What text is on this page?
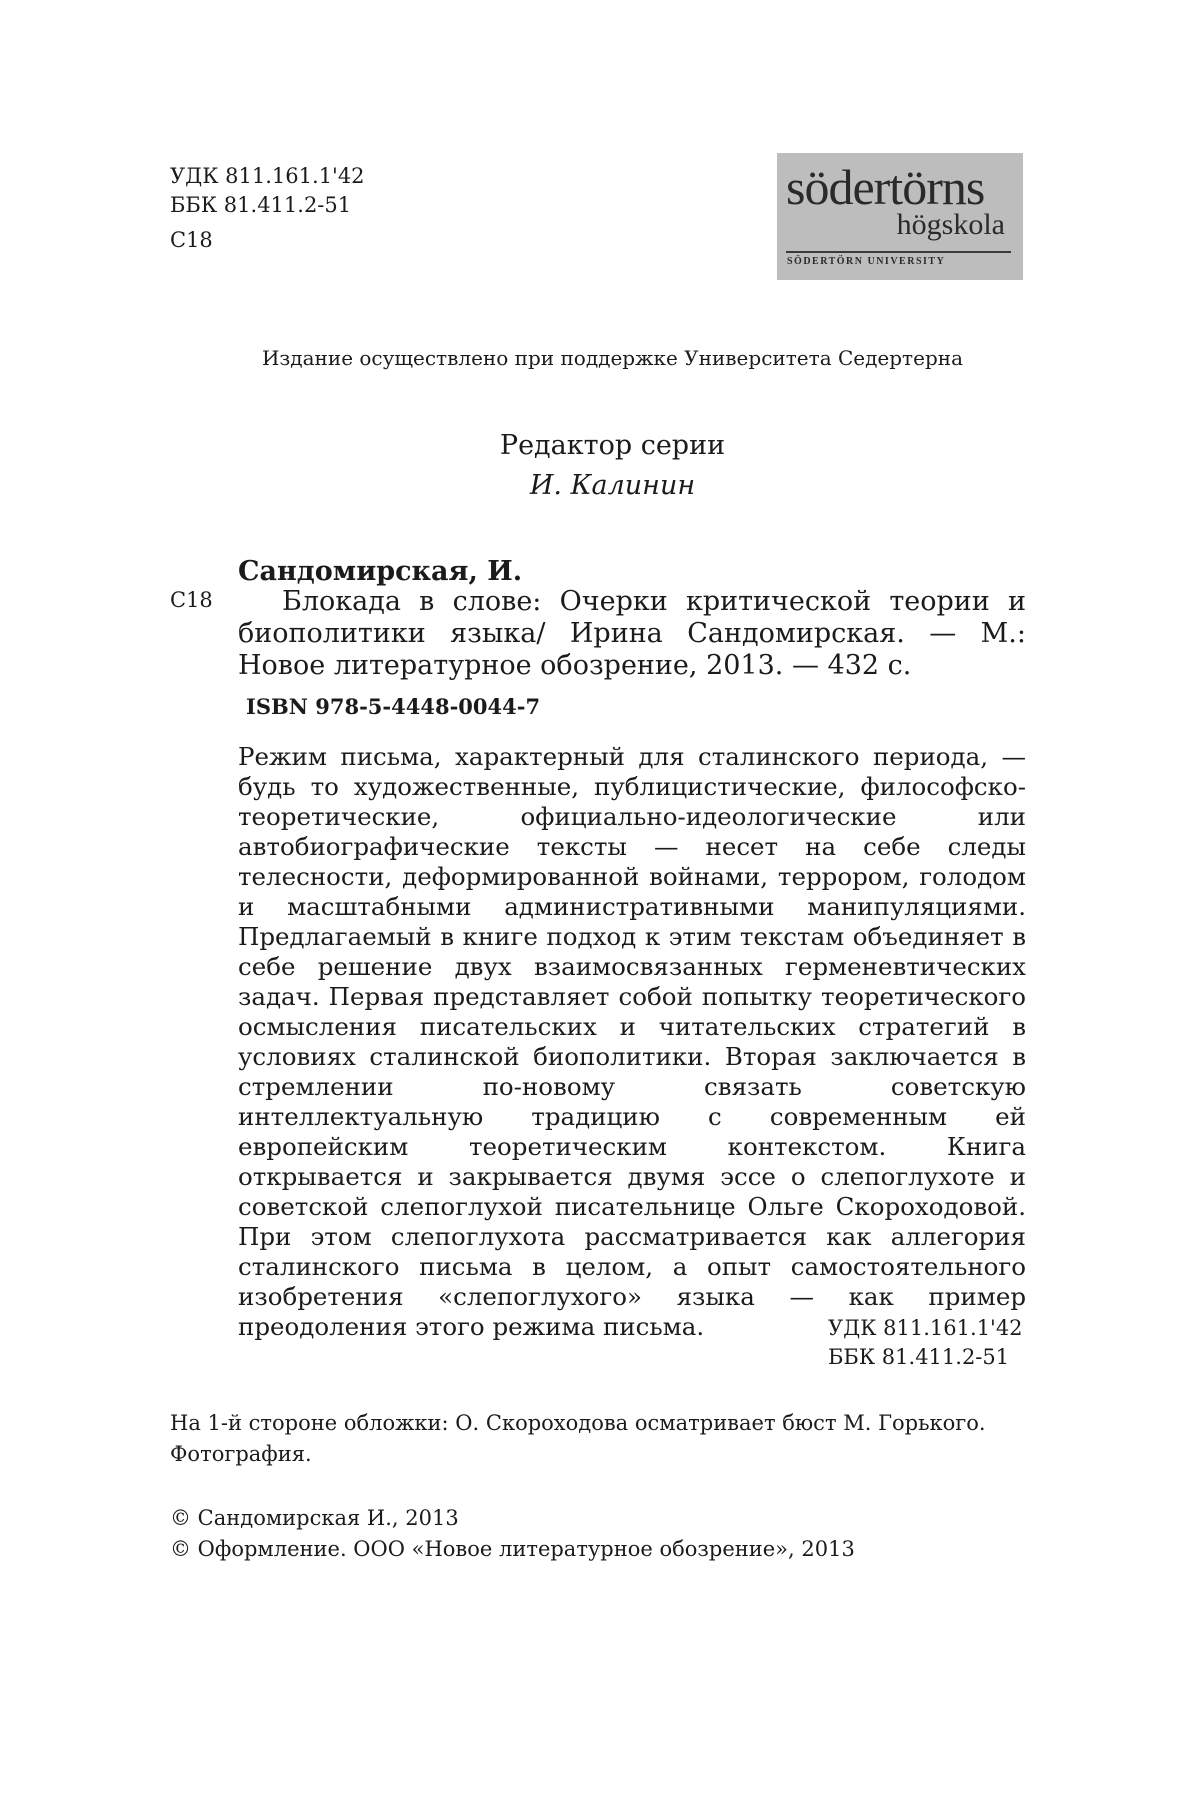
УДК 811.161.1'42
ББК 81.411.2-51
С18
södertörns
högskola
SÖDERTÖRN UNIVERSITY
Издание осуществлено при поддержке Университета Седертерна
Редактор серии
И. Калинин
Сандомирская, И.
С18	Блокада в слове: Очерки критической теории и биополитики языка/ Ирина Сандомирская. — М.: Новое литературное обозрение, 2013. — 432 с.
ISBN 978-5-4448-0044-7
Режим письма, характерный для сталинского периода, — будь то художественные, публицистические, философско-теоретические, официально-идеологические или автобиографические тексты — несет на себе следы телесности, деформированной войнами, террором, голодом и масштабными административными манипуляциями. Предлагаемый в книге подход к этим текстам объединяет в себе решение двух взаимосвязанных герменевтических задач. Первая представляет собой попытку теоретического осмысления писательских и читательских стратегий в условиях сталинской биополитики. Вторая заключается в стремлении по-новому связать советскую интеллектуальную традицию с современным ей европейским теоретическим контекстом. Книга открывается и закрывается двумя эссе о слепоглухоте и советской слепоглухой писательнице Ольге Скороходовой. При этом слепоглухота рассматривается как аллегория сталинского письма в целом, а опыт самостоятельного изобретения «слепоглухого» языка — как пример преодоления этого режима письма.	УДК 811.161.1'42
ББК 81.411.2-51
На 1-й стороне обложки: О. Скороходова осматривает бюст М. Горького. Фотография.
© Сандомирская И., 2013
© Оформление. ООО «Новое литературное обозрение», 2013
